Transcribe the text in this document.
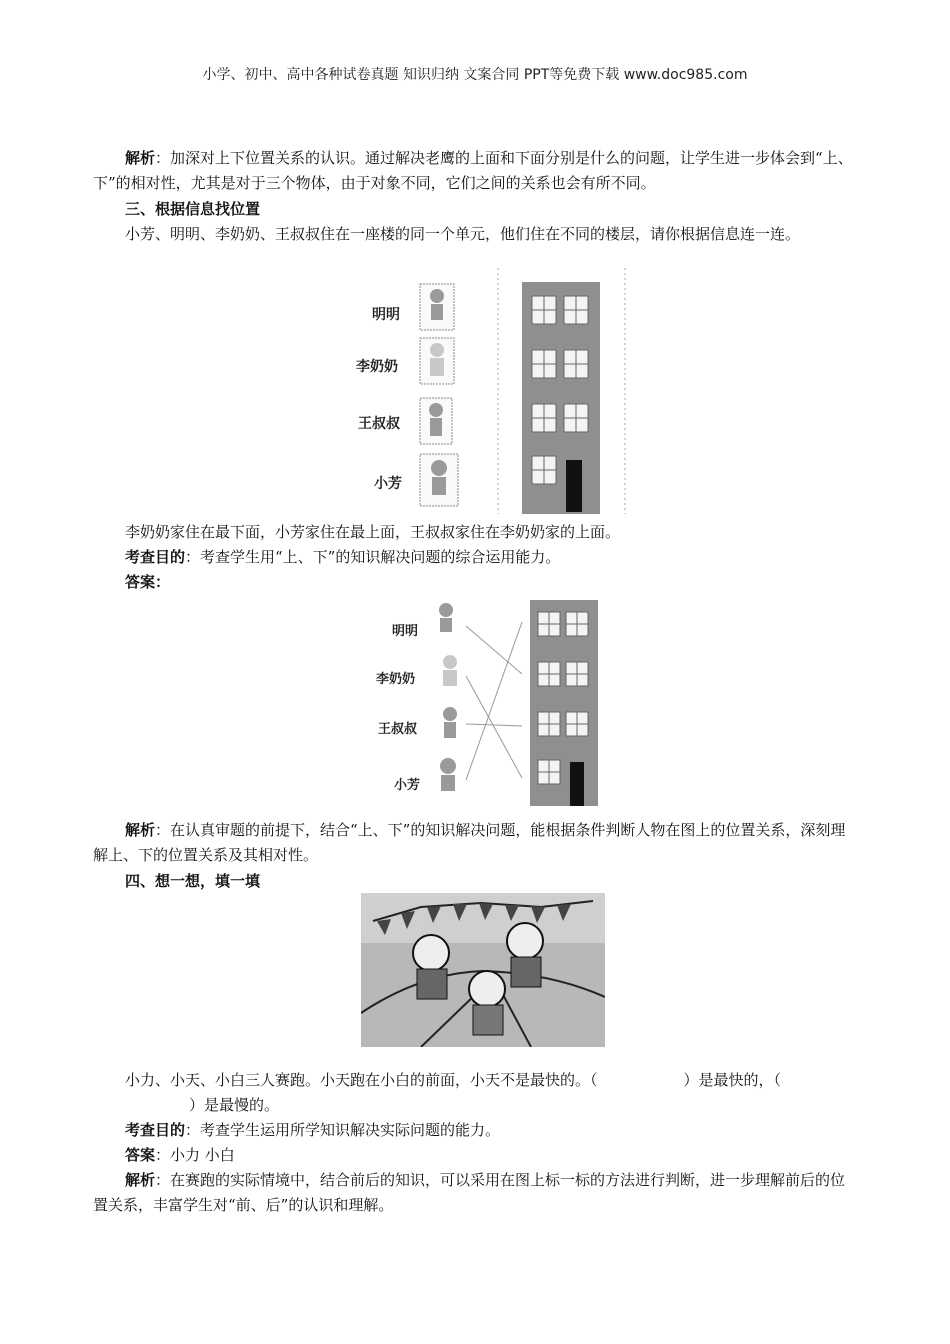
小学、初中、高中各种试卷真题 知识归纳 文案合同 PPT等免费下载 www.doc985.com
解析：加深对上下位置关系的认识。通过解决老鹰的上面和下面分别是什么的问题，让学生进一步体会到“上、下”的相对性，尤其是对于三个物体，由于对象不同，它们之间的关系也会有所不同。
三、根据信息找位置
小芳、明明、李奶奶、王叔叔住在一座楼的同一个单元，他们住在不同的楼层，请你根据信息连一连。
明明
李奶奶
王叔叔
小芳
李奶奶家住在最下面，小芳家住在最上面，王叔叔家住在李奶奶家的上面。
考查目的：考查学生用“上、下”的知识解决问题的综合运用能力。
答案：
明明
李奶奶
王叔叔
小芳
解析：在认真审题的前提下，结合“上、下”的知识解决问题，能根据条件判断人物在图上的位置关系，深刻理解上、下的位置关系及其相对性。
四、想一想，填一填
小力、小天、小白三人赛跑。小天跑在小白的前面，小天不是最快的。（	）是最快的，（）是最慢的。
考查目的：考查学生运用所学知识解决实际问题的能力。
答案：小力 小白
解析：在赛跑的实际情境中，结合前后的知识，可以采用在图上标一标的方法进行判断，进一步理解前后的位置关系，丰富学生对“前、后”的认识和理解。
